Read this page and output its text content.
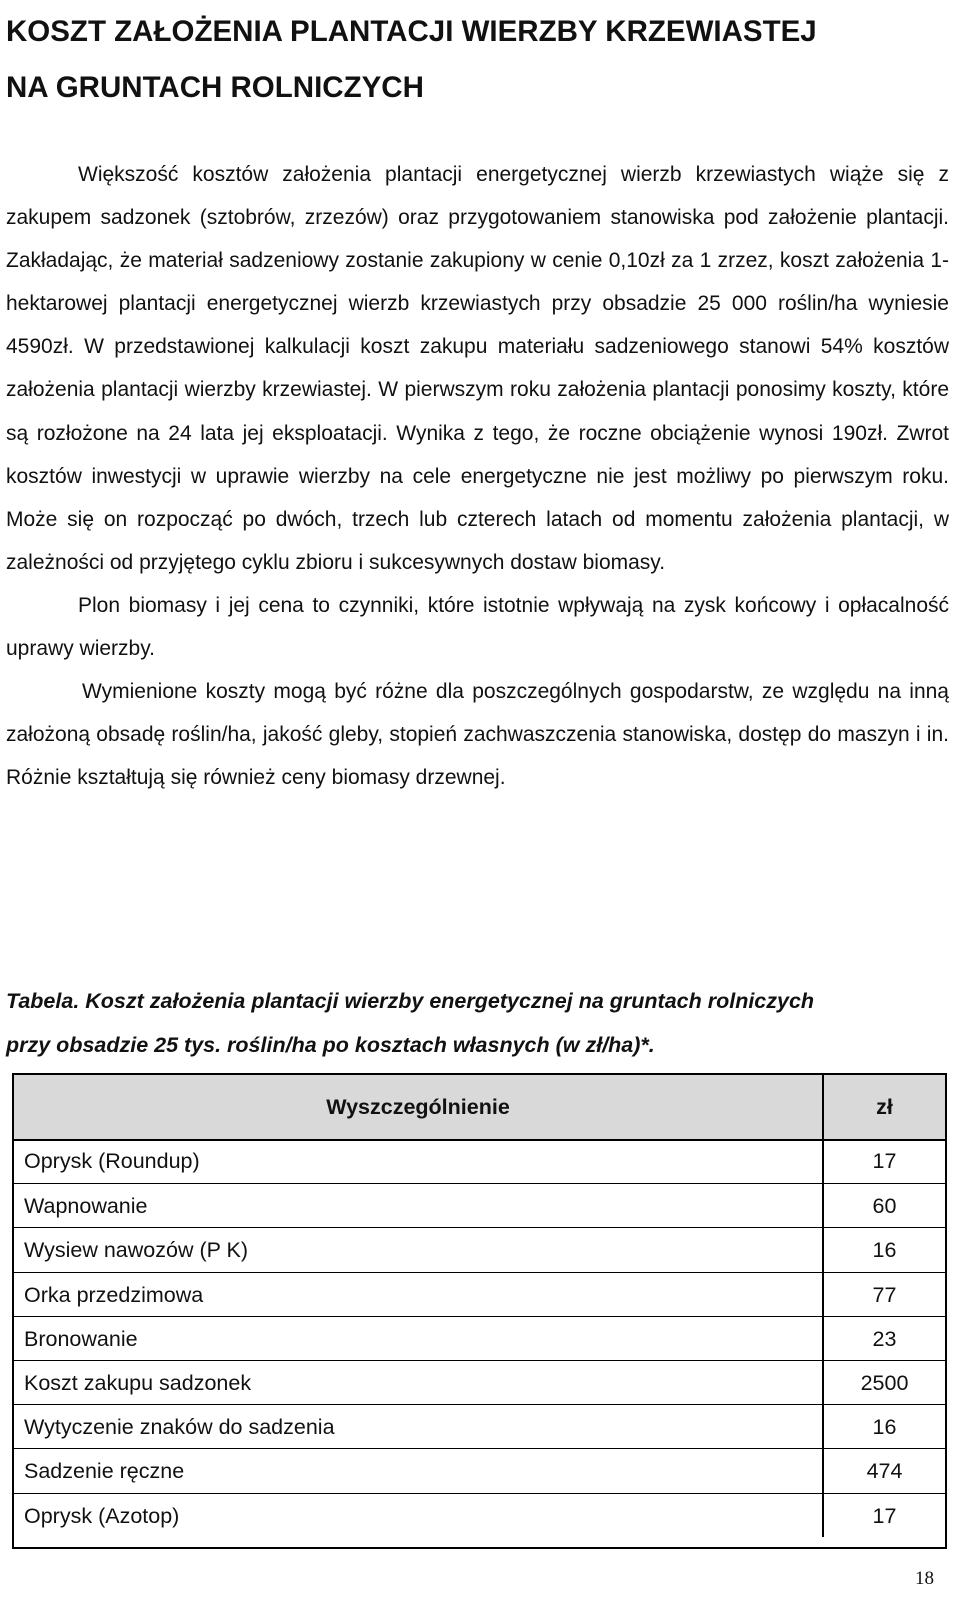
KOSZT ZAŁOŻENIA PLANTACJI WIERZBY KRZEWIASTEJ
NA GRUNTACH ROLNICZYCH

Większość kosztów założenia plantacji energetycznej wierzb krzewiastych wiąże się z zakupem sadzonek (sztobrów, zrzezów) oraz przygotowaniem stanowiska pod założenie plantacji. Zakładając, że materiał sadzeniowy zostanie zakupiony w cenie 0,10zł za 1 zrzez, koszt założenia 1-hektarowej plantacji energetycznej wierzb krzewiastych przy obsadzie 25 000 roślin/ha wyniesie 4590zł. W przedstawionej kalkulacji koszt zakupu materiału sadzeniowego stanowi 54% kosztów założenia plantacji wierzby krzewiastej. W pierwszym roku założenia plantacji ponosimy koszty, które są rozłożone na 24 lata jej eksploatacji. Wynika z tego, że roczne obciążenie wynosi 190zł. Zwrot kosztów inwestycji w uprawie wierzby na cele energetyczne nie jest możliwy po pierwszym roku. Może się on rozpocząć po dwóch, trzech lub czterech latach od momentu założenia plantacji, w zależności od przyjętego cyklu zbioru i sukcesywnych dostaw biomasy.

Plon biomasy i jej cena to czynniki, które istotnie wpływają na zysk końcowy i opłacalność uprawy wierzby.

Wymienione koszty mogą być różne dla poszczególnych gospodarstw, ze względu na inną założoną obsadę roślin/ha, jakość gleby, stopień zachwaszczenia stanowiska, dostęp do maszyn i in. Różnie kształtują się również ceny biomasy drzewnej.

Tabela. Koszt założenia plantacji wierzby energetycznej na gruntach rolniczych
przy obsadzie 25 tys. roślin/ha po kosztach własnych (w zł/ha)*.
Wyszczególnienie	zł
Oprysk (Roundup)	17
Wapnowanie	60
Wysiew nawozów (P K)	16
Orka przedzimowa	77
Bronowanie	23
Koszt zakupu sadzonek	2500
Wytyczenie znaków do sadzenia	16
Sadzenie ręczne	474
Oprysk (Azotop)	17
18
